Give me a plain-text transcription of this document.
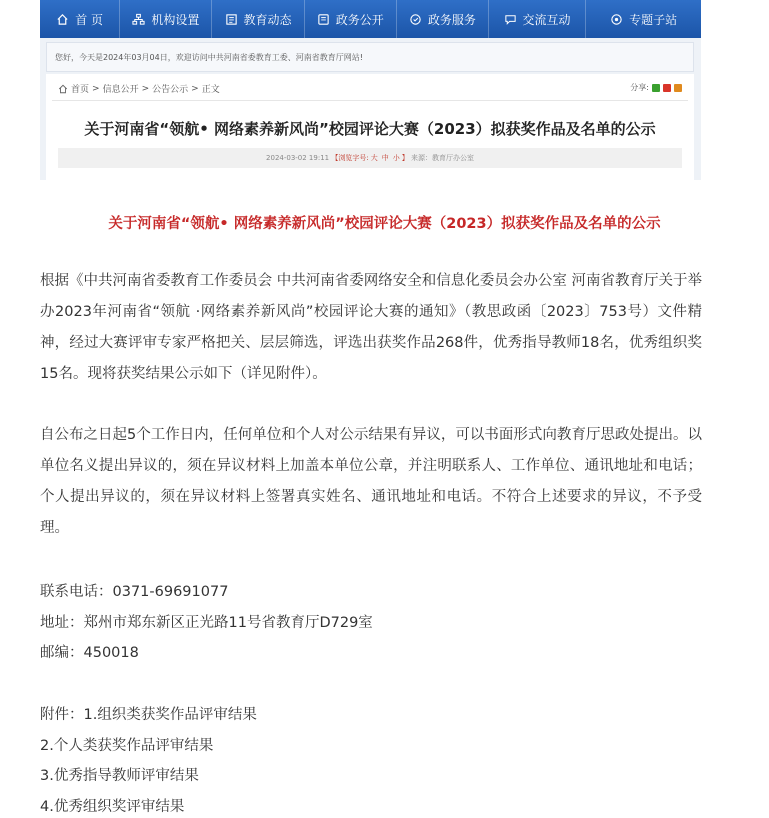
首 页	机构设置	教育动态	政务公开	政务服务	交流互动	专题子站
您好，今天是2024年03月04日，欢迎访问中共河南省委教育工委、河南省教育厅网站!
首页 > 信息公开 > 公告公示 > 正文	分享:
关于河南省“领航• 网络素养新风尚”校园评论大赛（2023）拟获奖作品及名单的公示
2024-03-02 19:11 【浏览字号: 大 中 小 】 来源：教育厅办公室
关于河南省“领航• 网络素养新风尚”校园评论大赛（2023）拟获奖作品及名单的公示

根据《中共河南省委教育工作委员会 中共河南省委网络安全和信息化委员会办公室 河南省教育厅关于举办2023年河南省“领航 ·网络素养新风尚”校园评论大赛的通知》（教思政函〔2023〕753号）文件精神，经过大赛评审专家严格把关、层层筛选，评选出获奖作品268件，优秀指导教师18名，优秀组织奖15名。现将获奖结果公示如下（详见附件）。

自公布之日起5个工作日内，任何单位和个人对公示结果有异议，可以书面形式向教育厅思政处提出。以单位名义提出异议的，须在异议材料上加盖本单位公章，并注明联系人、工作单位、通讯地址和电话；个人提出异议的，须在异议材料上签署真实姓名、通讯地址和电话。不符合上述要求的异议，不予受理。

联系电话：0371-69691077

地址：郑州市郑东新区正光路11号省教育厅D729室

邮编：450018

附件：1.组织类获奖作品评审结果

2.个人类获奖作品评审结果

3.优秀指导教师评审结果

4.优秀组织奖评审结果
